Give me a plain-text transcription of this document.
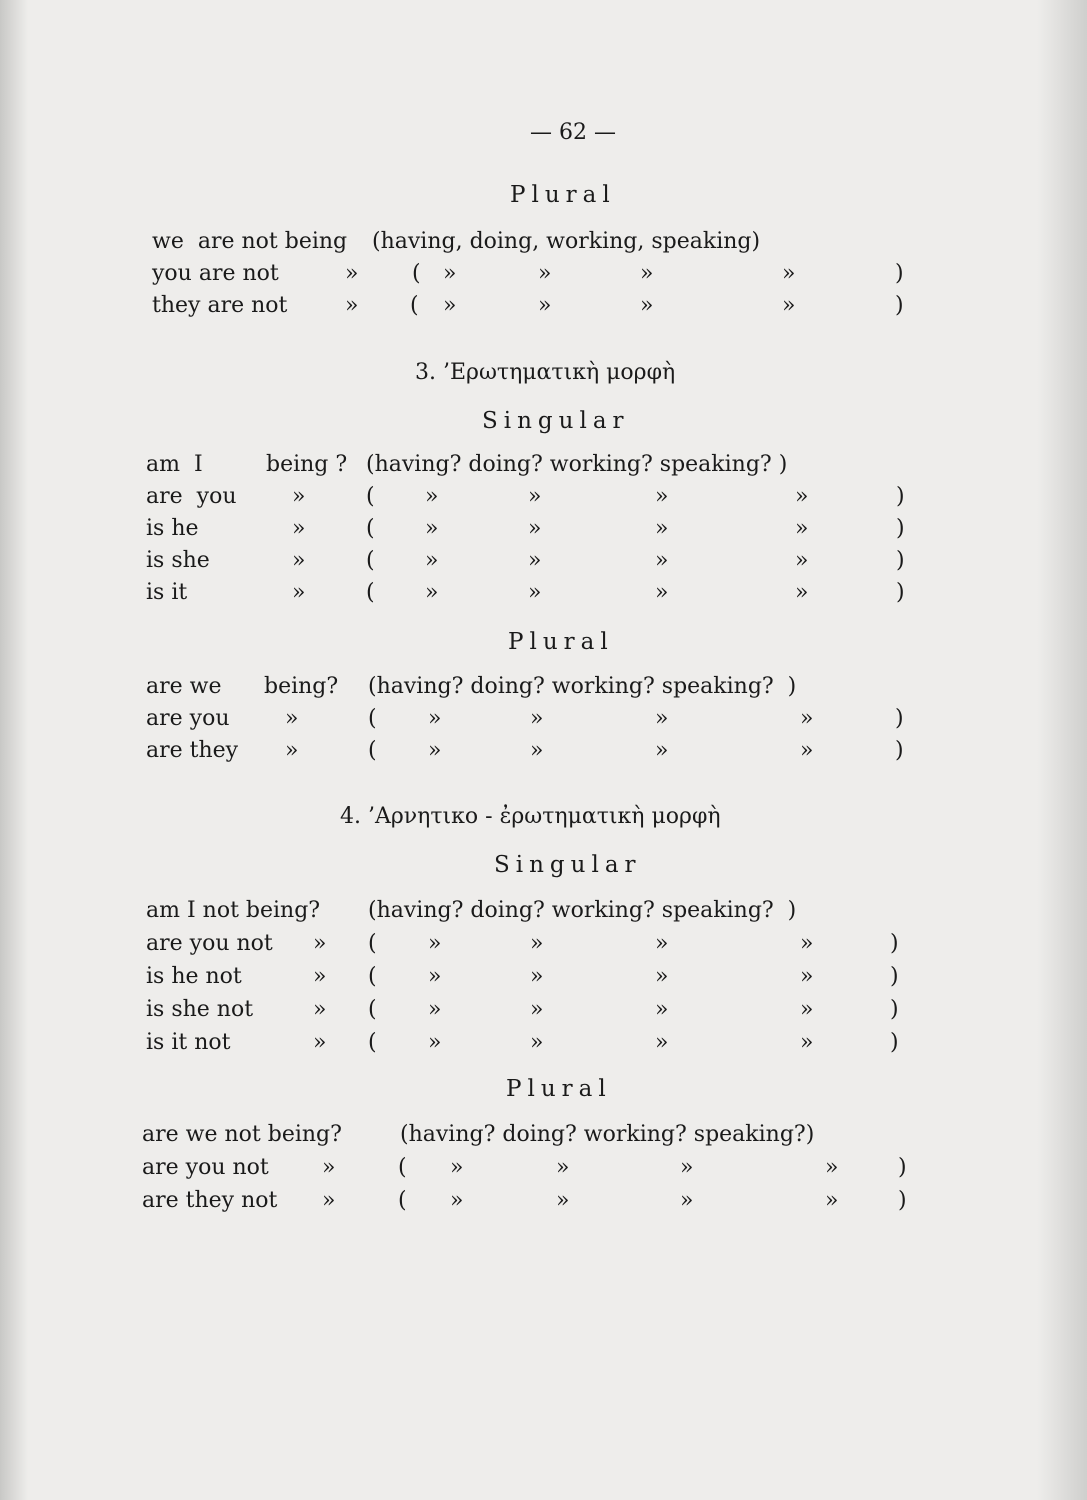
— 62 —
Plural
we  are not being (having, doing, working, speaking)
you are not	» ( »	»	»	»	)
they are not	» ( »	»	»	»	)
3. ’Ερωτηματικὴ μορφὴ
Singular
am  I	being ? (having? doing? working? speaking? )
are  you	»	( »	»	»	»	)
is he	»	( »	»	»	»	)
is she	»	( »	»	»	»	)
is it	»	( »	»	»	»	)
Plural
are we being? (having? doing? working? speaking?  )
are you	»	( »	»	»	»	)
are they »	( »	»	»	»	)
4. ’Αρνητικο - ἐρωτηματικὴ μορφὴ
Singular
am I not being? (having? doing? working? speaking?  )
are you not » ( »	»	»	»	)
is he not	» ( »	»	»	»	)
is she not	» ( »	»	»	»	)
is it not	» ( »	»	»	»	)
Plural
are we not being?	(having? doing? working? speaking?)
are you not »	( »	»	»	»	)
are they not »	( »	»	»	»	)
